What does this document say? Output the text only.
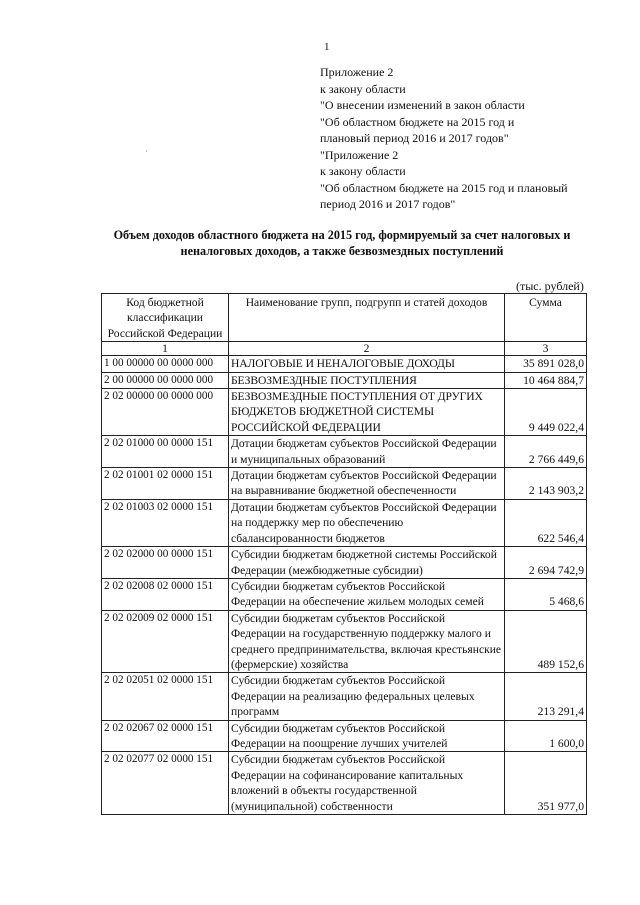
1
Приложение 2
к закону области
"О внесении изменений в закон области
"Об областном бюджете на 2015 год и
плановый период 2016 и 2017 годов"
"Приложение 2
к закону области
"Об областном бюджете на 2015 год и плановый
период 2016 и 2017 годов"
·
Объем доходов областного бюджета на 2015 год, формируемый за счет налоговых и неналоговых доходов, а также безвозмездных поступлений
(тыс. рублей)
Код бюджетной классификации Российской Федерации	Наименование групп, подгрупп и статей доходов	Сумма
1	2	3
1 00 00000 00 0000 000	НАЛОГОВЫЕ И НЕНАЛОГОВЫЕ ДОХОДЫ	35 891 028,0
2 00 00000 00 0000 000	БЕЗВОЗМЕЗДНЫЕ ПОСТУПЛЕНИЯ	10 464 884,7
2 02 00000 00 0000 000	БЕЗВОЗМЕЗДНЫЕ ПОСТУПЛЕНИЯ ОТ ДРУГИХ БЮДЖЕТОВ БЮДЖЕТНОЙ СИСТЕМЫ РОССИЙСКОЙ ФЕДЕРАЦИИ	9 449 022,4
2 02 01000 00 0000 151	Дотации бюджетам субъектов Российской Федерации и муниципальных образований	2 766 449,6
2 02 01001 02 0000 151	Дотации бюджетам субъектов Российской Федерации на выравнивание бюджетной обеспеченности	2 143 903,2
2 02 01003 02 0000 151	Дотации бюджетам субъектов Российской Федерации на поддержку мер по обеспечению сбалансированности бюджетов	622 546,4
2 02 02000 00 0000 151	Субсидии бюджетам бюджетной системы Российской Федерации (межбюджетные субсидии)	2 694 742,9
2 02 02008 02 0000 151	Субсидии бюджетам субъектов Российской Федерации на обеспечение жильем молодых семей	5 468,6
2 02 02009 02 0000 151	Субсидии бюджетам субъектов Российской Федерации на государственную поддержку малого и среднего предпринимательства, включая крестьянские (фермерские) хозяйства	489 152,6
2 02 02051 02 0000 151	Субсидии бюджетам субъектов Российской Федерации на реализацию федеральных целевых программ	213 291,4
2 02 02067 02 0000 151	Субсидии бюджетам субъектов Российской Федерации на поощрение лучших учителей	1 600,0
2 02 02077 02 0000 151	Субсидии бюджетам субъектов Российской Федерации на софинансирование капитальных вложений в объекты государственной (муниципальной) собственности	351 977,0
